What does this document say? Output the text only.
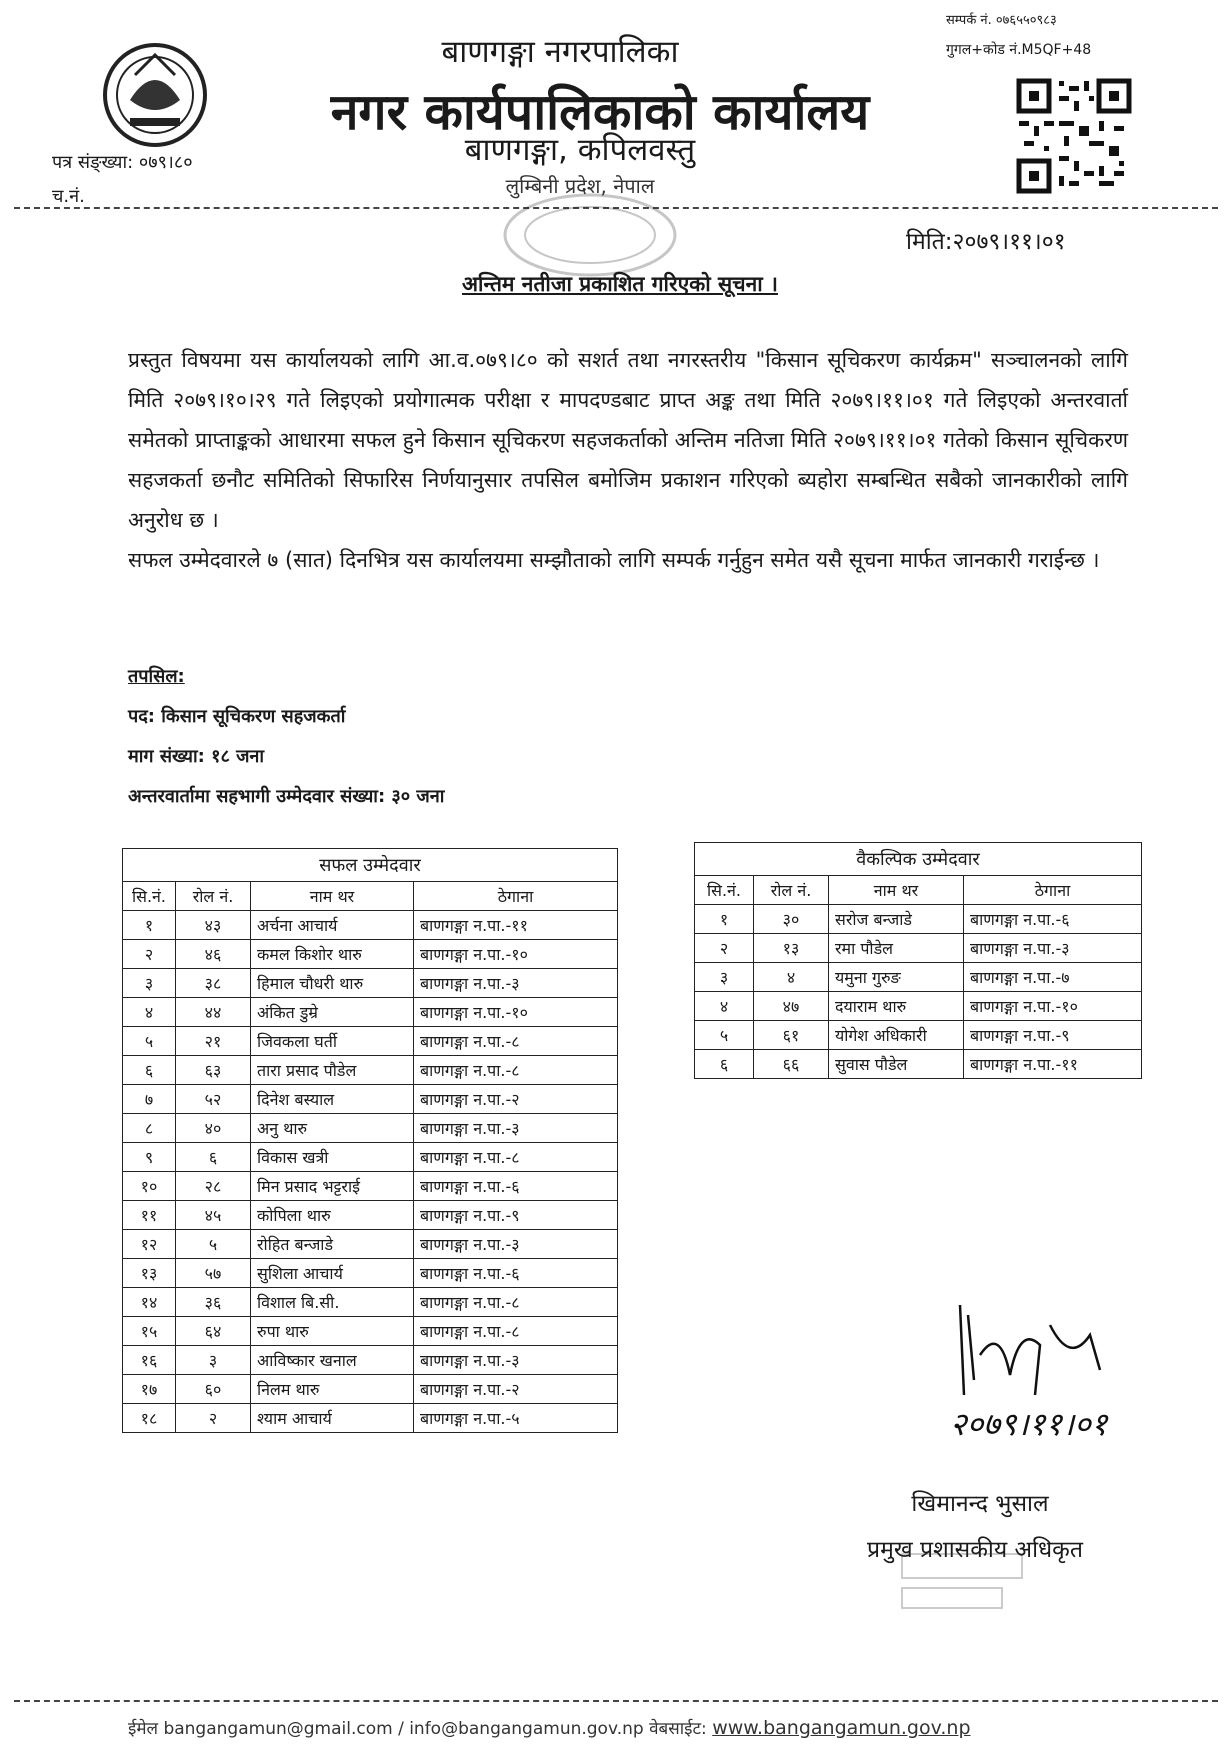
बाणगङ्गा नगरपालिका
नगर कार्यपालिकाको कार्यालय
बाणगङ्गा, कपिलवस्तु
लुम्बिनी प्रदेश, नेपाल
सम्पर्क नं. ०७६५५०९८३
गुगल+कोड नं.M5QF+48
पत्र संङ्ख्या: ०७९।८०
च.नं.
मिति:२०७९।११।०१
अन्तिम नतीजा प्रकाशित गरिएको सूचना ।

प्रस्तुत विषयमा यस कार्यालयको लागि आ.व.०७९।८० को सशर्त तथा नगरस्तरीय "किसान सूचिकरण कार्यक्रम" सञ्चालनको लागि मिति २०७९।१०।२९ गते लिइएको प्रयोगात्मक परीक्षा र मापदण्डबाट प्राप्त अङ्क तथा मिति २०७९।११।०१ गते लिइएको अन्तरवार्ता समेतको प्राप्ताङ्कको आधारमा सफल हुने किसान सूचिकरण सहजकर्ताको अन्तिम नतिजा मिति २०७९।११।०१ गतेको किसान सूचिकरण सहजकर्ता छनौट समितिको सिफारिस निर्णयानुसार तपसिल बमोजिम प्रकाशन गरिएको ब्यहोरा सम्बन्धित सबैको जानकारीको लागि अनुरोध छ ।

सफल उम्मेदवारले ७ (सात) दिनभित्र यस कार्यालयमा सम्झौताको लागि सम्पर्क गर्नुहुन समेत यसै सूचना मार्फत जानकारी गराईन्छ ।

तपसिल:
पद: किसान सूचिकरण सहजकर्ता
माग संख्या: १८ जना
अन्तरवार्तामा सहभागी उम्मेदवार संख्या: ३० जना
सफल उम्मेदवार			
सि.नं.	रोल नं.	नाम थर	ठेगाना
१	४३	अर्चना आचार्य	बाणगङ्गा न.पा.-११
२	४६	कमल किशोर थारु	बाणगङ्गा न.पा.-१०
३	३८	हिमाल चौधरी थारु	बाणगङ्गा न.पा.-३
४	४४	अंकित डुम्रे	बाणगङ्गा न.पा.-१०
५	२१	जिवकला घर्ती	बाणगङ्गा न.पा.-८
६	६३	तारा प्रसाद पौडेल	बाणगङ्गा न.पा.-८
७	५२	दिनेश बस्याल	बाणगङ्गा न.पा.-२
८	४०	अनु थारु	बाणगङ्गा न.पा.-३
९	६	विकास खत्री	बाणगङ्गा न.पा.-८
१०	२८	मिन प्रसाद भट्टराई	बाणगङ्गा न.पा.-६
११	४५	कोपिला थारु	बाणगङ्गा न.पा.-९
१२	५	रोहित बन्जाडे	बाणगङ्गा न.पा.-३
१३	५७	सुशिला आचार्य	बाणगङ्गा न.पा.-६
१४	३६	विशाल बि.सी.	बाणगङ्गा न.पा.-८
१५	६४	रुपा थारु	बाणगङ्गा न.पा.-८
१६	३	आविष्कार खनाल	बाणगङ्गा न.पा.-३
१७	६०	निलम थारु	बाणगङ्गा न.पा.-२
१८	२	श्याम आचार्य	बाणगङ्गा न.पा.-५
वैकल्पिक उम्मेदवार			
सि.नं.	रोल नं.	नाम थर	ठेगाना
१	३०	सरोज बन्जाडे	बाणगङ्गा न.पा.-६
२	१३	रमा पौडेल	बाणगङ्गा न.पा.-३
३	४	यमुना गुरुङ	बाणगङ्गा न.पा.-७
४	४७	दयाराम थारु	बाणगङ्गा न.पा.-१०
५	६१	योगेश अधिकारी	बाणगङ्गा न.पा.-९
६	६६	सुवास पौडेल	बाणगङ्गा न.पा.-११
२०७९।११।०१
खिमानन्द भुसाल
प्रमुख प्रशासकीय अधिकृत
ईमेल bangangamun@gmail.com / info@bangangamun.gov.np वेबसाईट: www.bangangamun.gov.np
